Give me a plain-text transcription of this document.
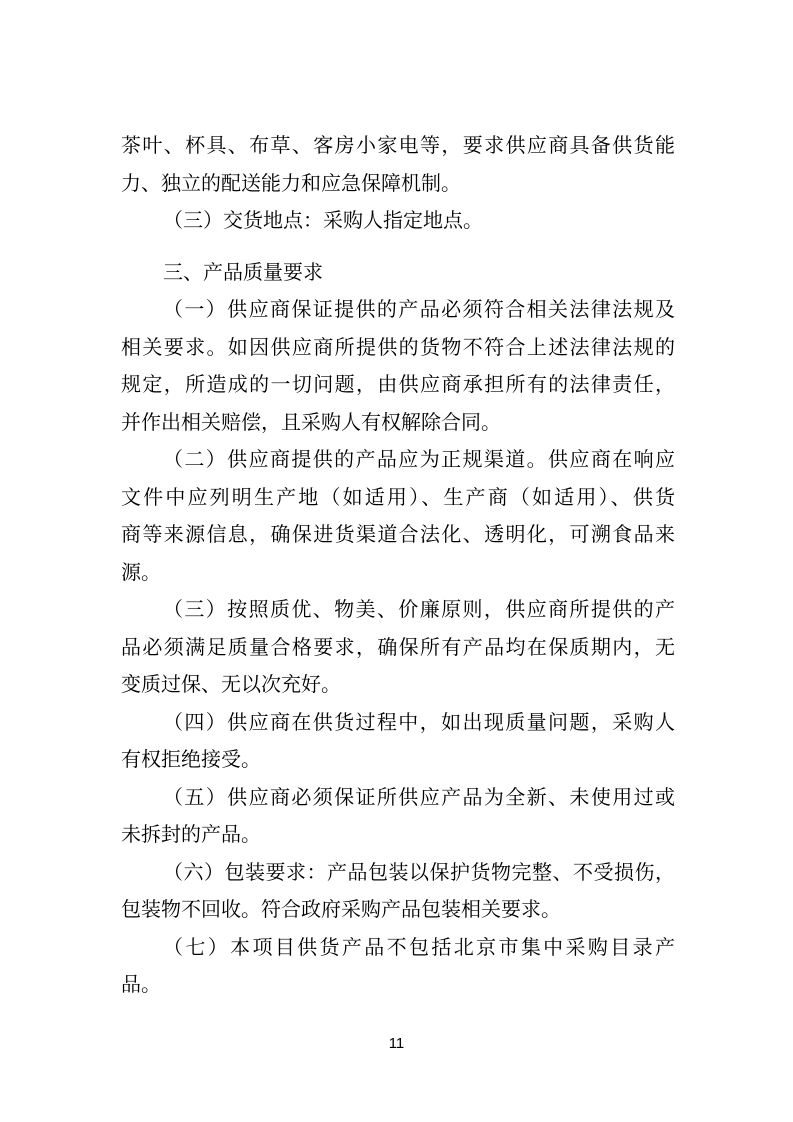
茶叶、杯具、布草、客房小家电等，要求供应商具备供货能
力、独立的配送能力和应急保障机制。
（三）交货地点：采购人指定地点。
三、产品质量要求
（一）供应商保证提供的产品必须符合相关法律法规及
相关要求。如因供应商所提供的货物不符合上述法律法规的
规定，所造成的一切问题，由供应商承担所有的法律责任，
并作出相关赔偿，且采购人有权解除合同。
（二）供应商提供的产品应为正规渠道。供应商在响应
文件中应列明生产地（如适用）、生产商（如适用）、供货
商等来源信息，确保进货渠道合法化、透明化，可溯食品来
源。
（三）按照质优、物美、价廉原则，供应商所提供的产
品必须满足质量合格要求，确保所有产品均在保质期内，无
变质过保、无以次充好。
（四）供应商在供货过程中，如出现质量问题，采购人
有权拒绝接受。
（五）供应商必须保证所供应产品为全新、未使用过或
未拆封的产品。
（六）包装要求：产品包装以保护货物完整、不受损伤，
包装物不回收。符合政府采购产品包装相关要求。
（七）本项目供货产品不包括北京市集中采购目录产
品。
11
